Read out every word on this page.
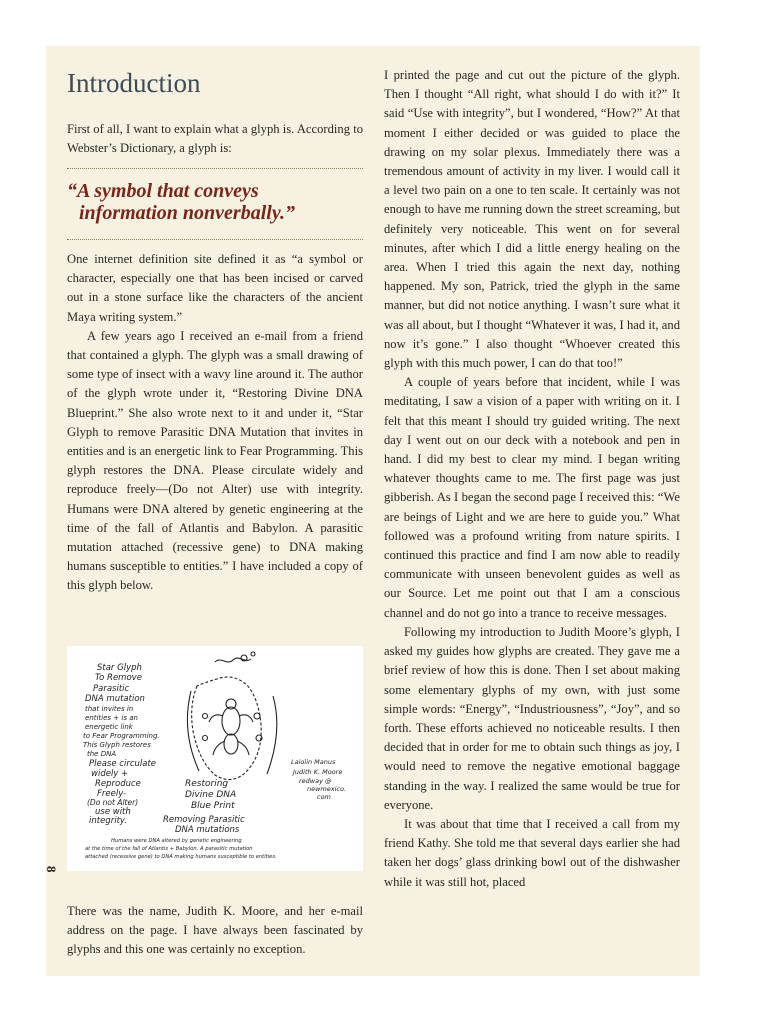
8
Introduction

First of all, I want to explain what a glyph is. According to Webster’s Dictionary, a glyph is:

“A symbol that conveys
information nonverbally.”

One internet definition site defined it as “a symbol or character, especially one that has been incised or carved out in a stone surface like the characters of the ancient Maya writing system.”

A few years ago I received an e-mail from a friend that contained a glyph. The glyph was a small drawing of some type of insect with a wavy line around it. The author of the glyph wrote under it, “Restoring Divine DNA Blueprint.” She also wrote next to it and under it, “Star Glyph to remove Parasitic DNA Mutation that invites in entities and is an energetic link to Fear Programming. This glyph restores the DNA. Please circulate widely and reproduce freely—(Do not Alter) use with integrity. Humans were DNA altered by genetic engineering at the time of the fall of Atlantis and Babylon. A parasitic mutation attached (recessive gene) to DNA making humans susceptible to entities.” I have included a copy of this glyph below.

Star Glyph
To Remove
Parasitic
DNA mutation
that invites in
entities + is an
energetic link
to Fear Programming.
This Glyph restores
the DNA
Please circulate
widely +
Reproduce
Freely-
(Do not Alter)
use with
integrity.
Restoring
Divine DNA
Blue Print
Laiolin Manus
Judith K. Moore
redway @
newmexico.
com
Removing Parasitic
DNA mutations
Humans were DNA altered by genetic engineering
at the time of the fall of Atlantis + Babylon. A parasitic mutation
attached (recessive gene) to DNA making humans susceptible to entities.

There was the name, Judith K. Moore, and her e-mail address on the page. I have always been fascinated by glyphs and this one was certainly no exception.

I printed the page and cut out the picture of the glyph. Then I thought “All right, what should I do with it?” It said “Use with integrity”, but I wondered, “How?” At that moment I either decided or was guided to place the drawing on my solar plexus. Immediately there was a tremendous amount of activity in my liver. I would call it a level two pain on a one to ten scale. It certainly was not enough to have me running down the street screaming, but definitely very noticeable. This went on for several minutes, after which I did a little energy healing on the area. When I tried this again the next day, nothing happened. My son, Patrick, tried the glyph in the same manner, but did not notice anything. I wasn’t sure what it was all about, but I thought “Whatever it was, I had it, and now it’s gone.” I also thought “Whoever created this glyph with this much power, I can do that too!”

A couple of years before that incident, while I was meditating, I saw a vision of a paper with writing on it. I felt that this meant I should try guided writing. The next day I went out on our deck with a notebook and pen in hand. I did my best to clear my mind. I began writing whatever thoughts came to me. The first page was just gibberish. As I began the second page I received this: “We are beings of Light and we are here to guide you.” What followed was a profound writing from nature spirits. I continued this practice and find I am now able to readily communicate with unseen benevolent guides as well as our Source. Let me point out that I am a conscious channel and do not go into a trance to receive messages.

Following my introduction to Judith Moore’s glyph, I asked my guides how glyphs are created. They gave me a brief review of how this is done. Then I set about making some elementary glyphs of my own, with just some simple words: “Energy”, “Industriousness”, “Joy”, and so forth. These efforts achieved no noticeable results. I then decided that in order for me to obtain such things as joy, I would need to remove the negative emotional baggage standing in the way. I realized the same would be true for everyone.

It was about that time that I received a call from my friend Kathy. She told me that several days earlier she had taken her dogs’ glass drinking bowl out of the dishwasher while it was still hot, placed
